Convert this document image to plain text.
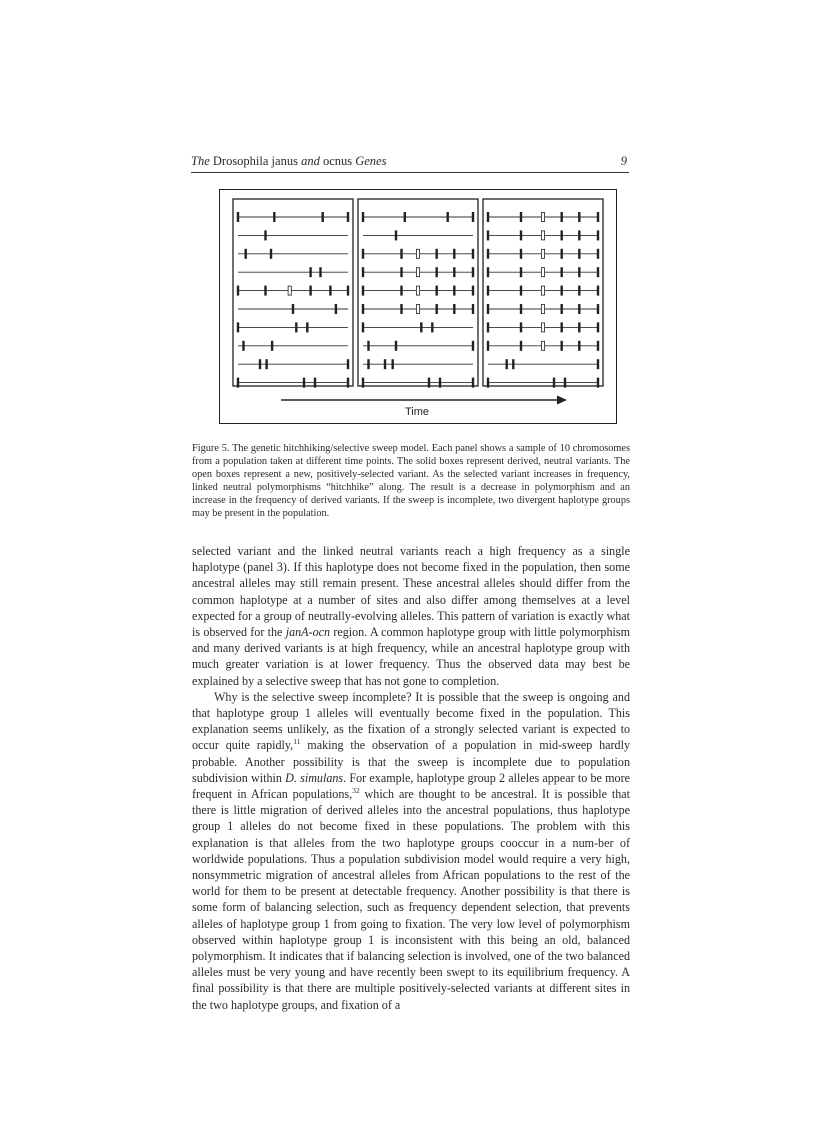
The Drosophila janus and ocnus Genes	9
Time
Figure 5. The genetic hitchhiking/selective sweep model. Each panel shows a sample of 10 chromosomes from a population taken at different time points. The solid boxes represent derived, neutral variants. The open boxes represent a new, positively-selected variant. As the selected variant increases in frequency, linked neutral polymorphisms “hitchhike” along. The result is a decrease in polymorphism and an increase in the frequency of derived variants. If the sweep is incomplete, two divergent haplotype groups may be present in the population.

selected variant and the linked neutral variants reach a high frequency as a single haplotype (panel 3). If this haplotype does not become fixed in the population, then some ancestral alleles may still remain present. These ancestral alleles should differ from the common haplotype at a number of sites and also differ among themselves at a level expected for a group of neutrally-evolving alleles. This pattern of variation is exactly what is observed for the janA-ocn region. A common haplotype group with little polymorphism and many derived variants is at high frequency, while an ancestral haplotype group with much greater variation is at lower frequency. Thus the observed data may best be explained by a selective sweep that has not gone to completion.

Why is the selective sweep incomplete? It is possible that the sweep is ongoing and that haplotype group 1 alleles will eventually become fixed in the population. This explanation seems unlikely, as the fixation of a strongly selected variant is expected to occur quite rapidly,$^{11}$ making the observation of a population in mid-sweep hardly probable. Another possibility is that the sweep is incomplete due to population subdivision within D. simulans. For example, haplotype group 2 alleles appear to be more frequent in African populations,$^{32}$ which are thought to be ancestral. It is possible that there is little migration of derived alleles into the ancestral populations, thus haplotype group 1 alleles do not become fixed in these populations. The problem with this explanation is that alleles from the two haplotype groups cooccur in a num-ber of worldwide populations. Thus a population subdivision model would require a very high, nonsymmetric migration of ancestral alleles from African populations to the rest of the world for them to be present at detectable frequency. Another possibility is that there is some form of balancing selection, such as frequency dependent selection, that prevents alleles of haplotype group 1 from going to fixation. The very low level of polymorphism observed within haplotype group 1 is inconsistent with this being an old, balanced polymorphism. It indicates that if balancing selection is involved, one of the two balanced alleles must be very young and have recently been swept to its equilibrium frequency. A final possibility is that there are multiple positively-selected variants at different sites in the two haplotype groups, and fixation of a
